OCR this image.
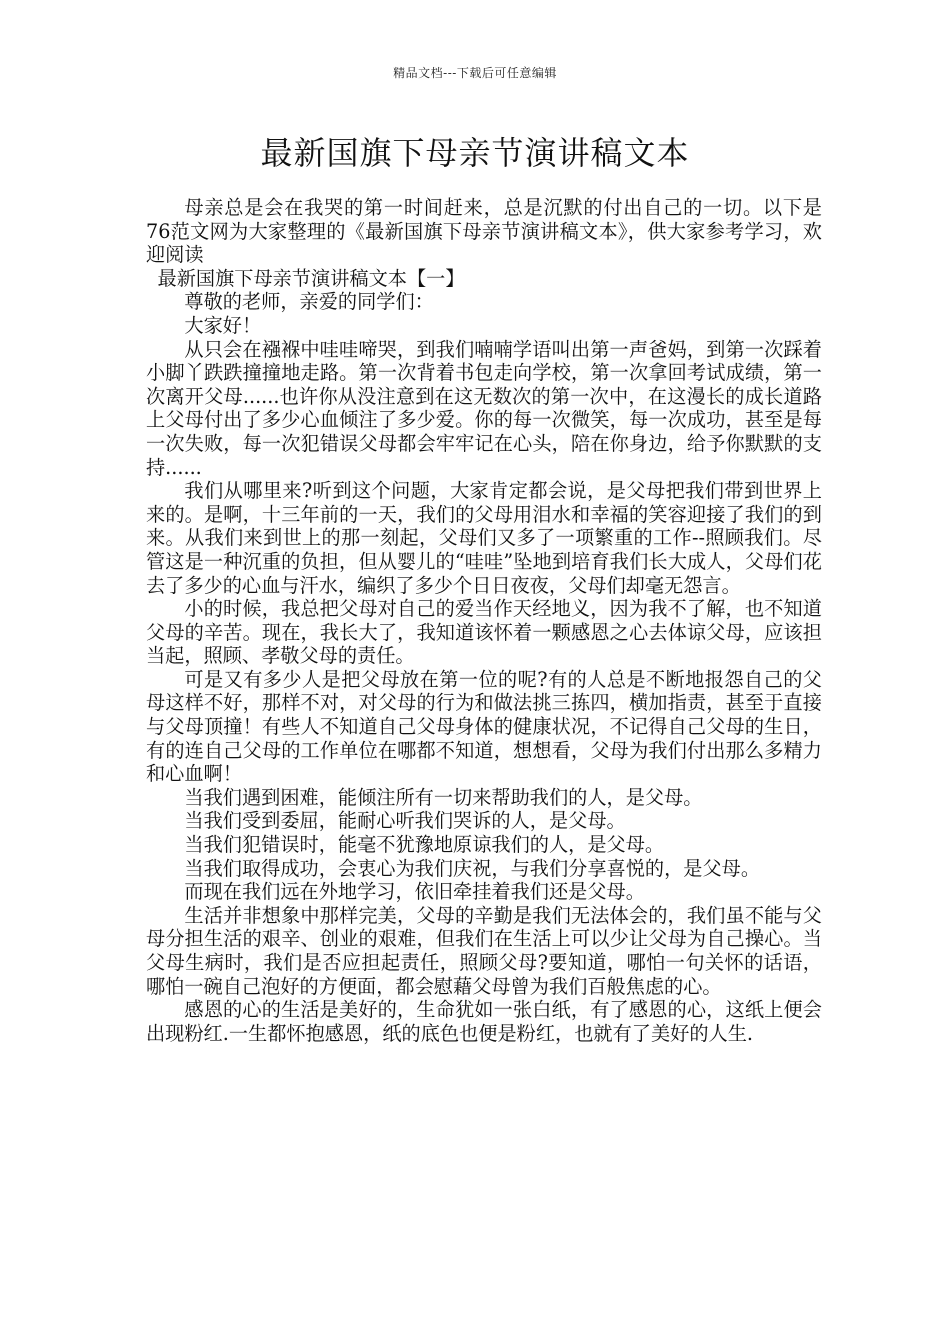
精品文档---下载后可任意编辑
最新国旗下母亲节演讲稿文本

母亲总是会在我哭的第一时间赶来，总是沉默的付出自己的一切。以下是76范文网为大家整理的《最新国旗下母亲节演讲稿文本》，供大家参考学习，欢迎阅读

最新国旗下母亲节演讲稿文本【一】

尊敬的老师，亲爱的同学们：

大家好！

从只会在襁褓中哇哇啼哭，到我们喃喃学语叫出第一声爸妈，到第一次踩着小脚丫跌跌撞撞地走路。第一次背着书包走向学校，第一次拿回考试成绩，第一次离开父母......也许你从没注意到在这无数次的第一次中，在这漫长的成长道路上父母付出了多少心血倾注了多少爱。你的每一次微笑，每一次成功，甚至是每一次失败，每一次犯错误父母都会牢牢记在心头，陪在你身边，给予你默默的支持......

我们从哪里来?听到这个问题，大家肯定都会说，是父母把我们带到世界上来的。是啊，十三年前的一天，我们的父母用泪水和幸福的笑容迎接了我们的到来。从我们来到世上的那一刻起，父母们又多了一项繁重的工作--照顾我们。尽管这是一种沉重的负担，但从婴儿的“哇哇”坠地到培育我们长大成人，父母们花去了多少的心血与汗水，编织了多少个日日夜夜，父母们却毫无怨言。

小的时候，我总把父母对自己的爱当作天经地义，因为我不了解，也不知道父母的辛苦。现在，我长大了，我知道该怀着一颗感恩之心去体谅父母，应该担当起，照顾、孝敬父母的责任。

可是又有多少人是把父母放在第一位的呢?有的人总是不断地报怨自己的父母这样不好，那样不对，对父母的行为和做法挑三拣四，横加指责，甚至于直接与父母顶撞！有些人不知道自己父母身体的健康状况，不记得自己父母的生日，有的连自己父母的工作单位在哪都不知道，想想看，父母为我们付出那么多精力和心血啊！

当我们遇到困难，能倾注所有一切来帮助我们的人，是父母。

当我们受到委屈，能耐心听我们哭诉的人，是父母。

当我们犯错误时，能毫不犹豫地原谅我们的人，是父母。

当我们取得成功，会衷心为我们庆祝，与我们分享喜悦的，是父母。

而现在我们远在外地学习，依旧牵挂着我们还是父母。

生活并非想象中那样完美，父母的辛勤是我们无法体会的，我们虽不能与父母分担生活的艰辛、创业的艰难，但我们在生活上可以少让父母为自己操心。当父母生病时，我们是否应担起责任，照顾父母?要知道，哪怕一句关怀的话语，哪怕一碗自己泡好的方便面，都会慰藉父母曾为我们百般焦虑的心。

感恩的心的生活是美好的，生命犹如一张白纸，有了感恩的心，这纸上便会出现粉红.一生都怀抱感恩，纸的底色也便是粉红，也就有了美好的人生.
